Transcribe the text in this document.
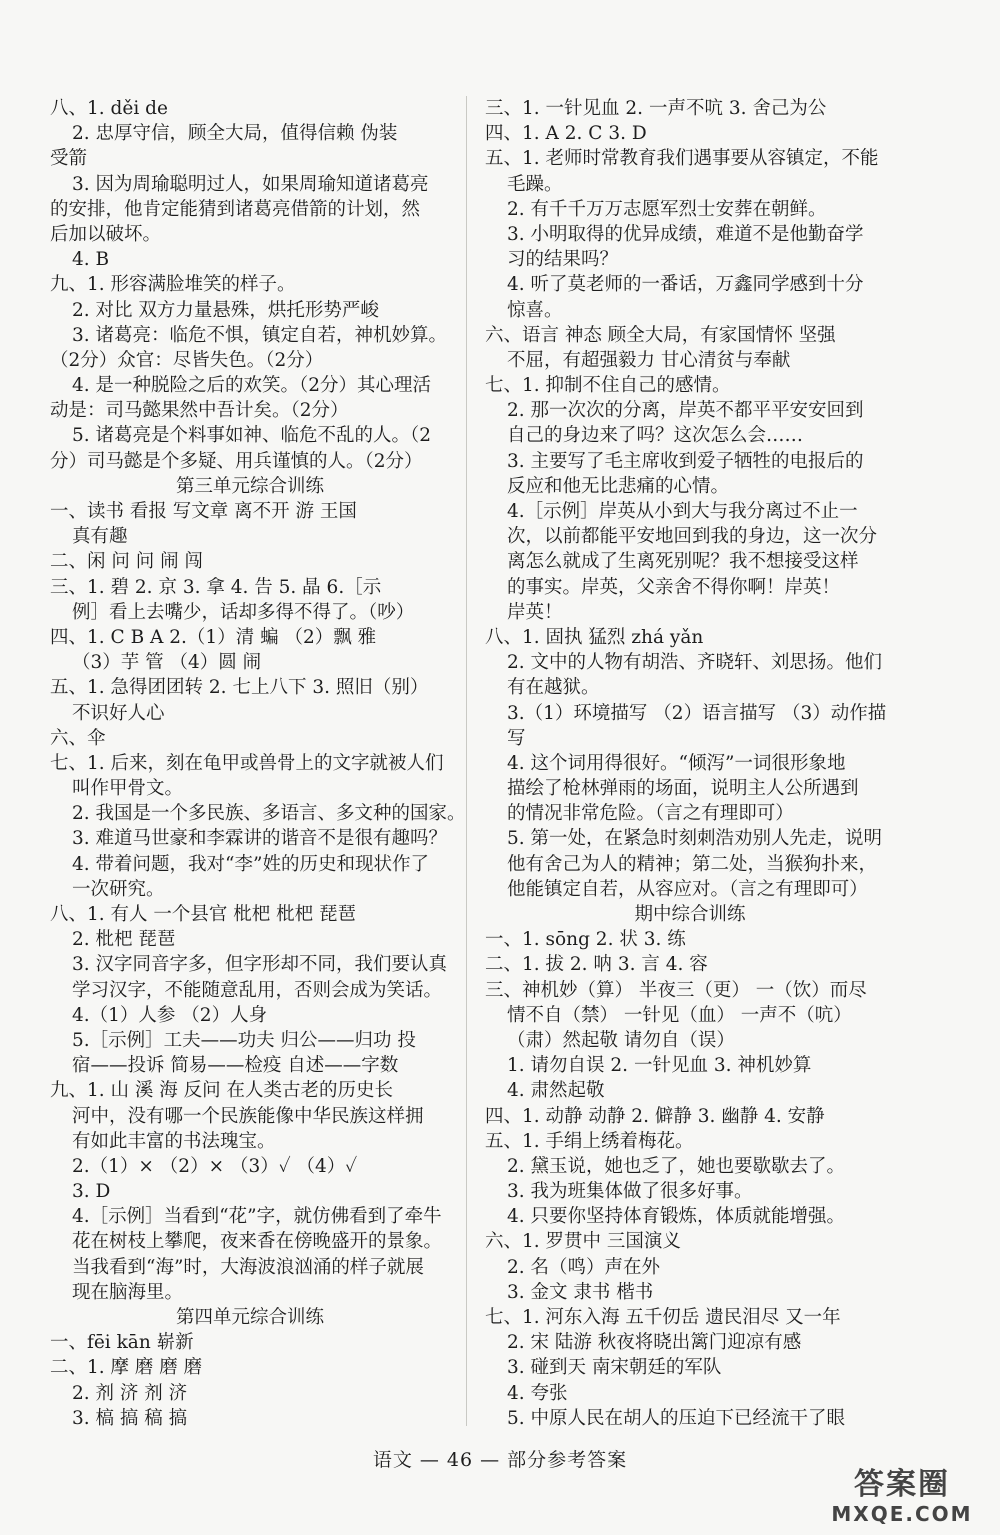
八、1. děi de
2. 忠厚守信，顾全大局，值得信赖 伪装
受箭
3. 因为周瑜聪明过人，如果周瑜知道诸葛亮
的安排，他肯定能猜到诸葛亮借箭的计划，然
后加以破坏。
4. B
九、1. 形容满脸堆笑的样子。
2. 对比 双方力量悬殊，烘托形势严峻
3. 诸葛亮：临危不惧，镇定自若，神机妙算。
（2分）众官：尽皆失色。（2分）
4. 是一种脱险之后的欢笑。（2分）其心理活
动是：司马懿果然中吾计矣。（2分）
5. 诸葛亮是个料事如神、临危不乱的人。（2
分）司马懿是个多疑、用兵谨慎的人。（2分）
第三单元综合训练
一、读书 看报 写文章 离不开 游 王国
真有趣
二、闲 问 问 闹 闯
三、1. 碧 2. 京 3. 拿 4. 告 5. 晶 6.［示
例］看上去嘴少，话却多得不得了。（吵）
四、1. C B A 2.（1）清 蝙 （2）飘 雅
（3）芋 管 （4）圆 闹
五、1. 急得团团转 2. 七上八下 3. 照旧（别）
不识好人心
六、伞
七、1. 后来，刻在龟甲或兽骨上的文字就被人们
叫作甲骨文。
2. 我国是一个多民族、多语言、多文种的国家。
3. 难道马世豪和李霖讲的谐音不是很有趣吗？
4. 带着问题，我对“李”姓的历史和现状作了
一次研究。
八、1. 有人 一个县官 枇杷 枇杷 琵琶
2. 枇杷 琵琶
3. 汉字同音字多，但字形却不同，我们要认真
学习汉字，不能随意乱用，否则会成为笑话。
4.（1）人参 （2）人身
5.［示例］工夫——功夫 归公——归功 投
宿——投诉 简易——检疫 自述——字数
九、1. 山 溪 海 反问 在人类古老的历史长
河中，没有哪一个民族能像中华民族这样拥
有如此丰富的书法瑰宝。
2.（1）× （2）× （3）✓ （4）✓
3. D
4.［示例］当看到“花”字，就仿佛看到了牵牛
花在树枝上攀爬，夜来香在傍晚盛开的景象。
当我看到“海”时，大海波浪汹涌的样子就展
现在脑海里。
第四单元综合训练
一、fēi kān 崭新
二、1. 摩 磨 磨 磨
2. 剂 济 剂 济
3. 槁 搞 稿 搞
三、1. 一针见血 2. 一声不吭 3. 舍己为公
四、1. A 2. C 3. D
五、1. 老师时常教育我们遇事要从容镇定，不能
毛躁。
2. 有千千万万志愿军烈士安葬在朝鲜。
3. 小明取得的优异成绩，难道不是他勤奋学
习的结果吗？
4. 听了莫老师的一番话，万鑫同学感到十分
惊喜。
六、语言 神态 顾全大局，有家国情怀 坚强
不屈，有超强毅力 甘心清贫与奉献
七、1. 抑制不住自己的感情。
2. 那一次次的分离，岸英不都平平安安回到
自己的身边来了吗？这次怎么会……
3. 主要写了毛主席收到爱子牺牲的电报后的
反应和他无比悲痛的心情。
4.［示例］岸英从小到大与我分离过不止一
次，以前都能平安地回到我的身边，这一次分
离怎么就成了生离死别呢？我不想接受这样
的事实。岸英，父亲舍不得你啊！岸英！
岸英！
八、1. 固执 猛烈 zhá yǎn
2. 文中的人物有胡浩、齐晓轩、刘思扬。他们
有在越狱。
3.（1）环境描写 （2）语言描写 （3）动作描
写
4. 这个词用得很好。“倾泻”一词很形象地
描绘了枪林弹雨的场面，说明主人公所遇到
的情况非常危险。（言之有理即可）
5. 第一处，在紧急时刻刺浩劝别人先走，说明
他有舍己为人的精神；第二处，当猴狗扑来，
他能镇定自若，从容应对。（言之有理即可）
期中综合训练
一、1. sōng 2. 状 3. 练
二、1. 拔 2. 呐 3. 言 4. 容
三、神机妙（算） 半夜三（更） 一（饮）而尽
情不自（禁） 一针见（血） 一声不（吭）
（肃）然起敬 请勿自（误）
1. 请勿自误 2. 一针见血 3. 神机妙算
4. 肃然起敬
四、1. 动静 动静 2. 僻静 3. 幽静 4. 安静
五、1. 手绢上绣着梅花。
2. 黛玉说，她也乏了，她也要歇歇去了。
3. 我为班集体做了很多好事。
4. 只要你坚持体育锻炼，体质就能增强。
六、1. 罗贯中 三国演义
2. 名（鸣）声在外
3. 金文 隶书 楷书
七、1. 河东入海 五千仞岳 遗民泪尽 又一年
2. 宋 陆游 秋夜将晓出篱门迎凉有感
3. 碰到天 南宋朝廷的军队
4. 夸张
5. 中原人民在胡人的压迫下已经流干了眼
语文 — 46 — 部分参考答案
答案圈
MXQE.COM
